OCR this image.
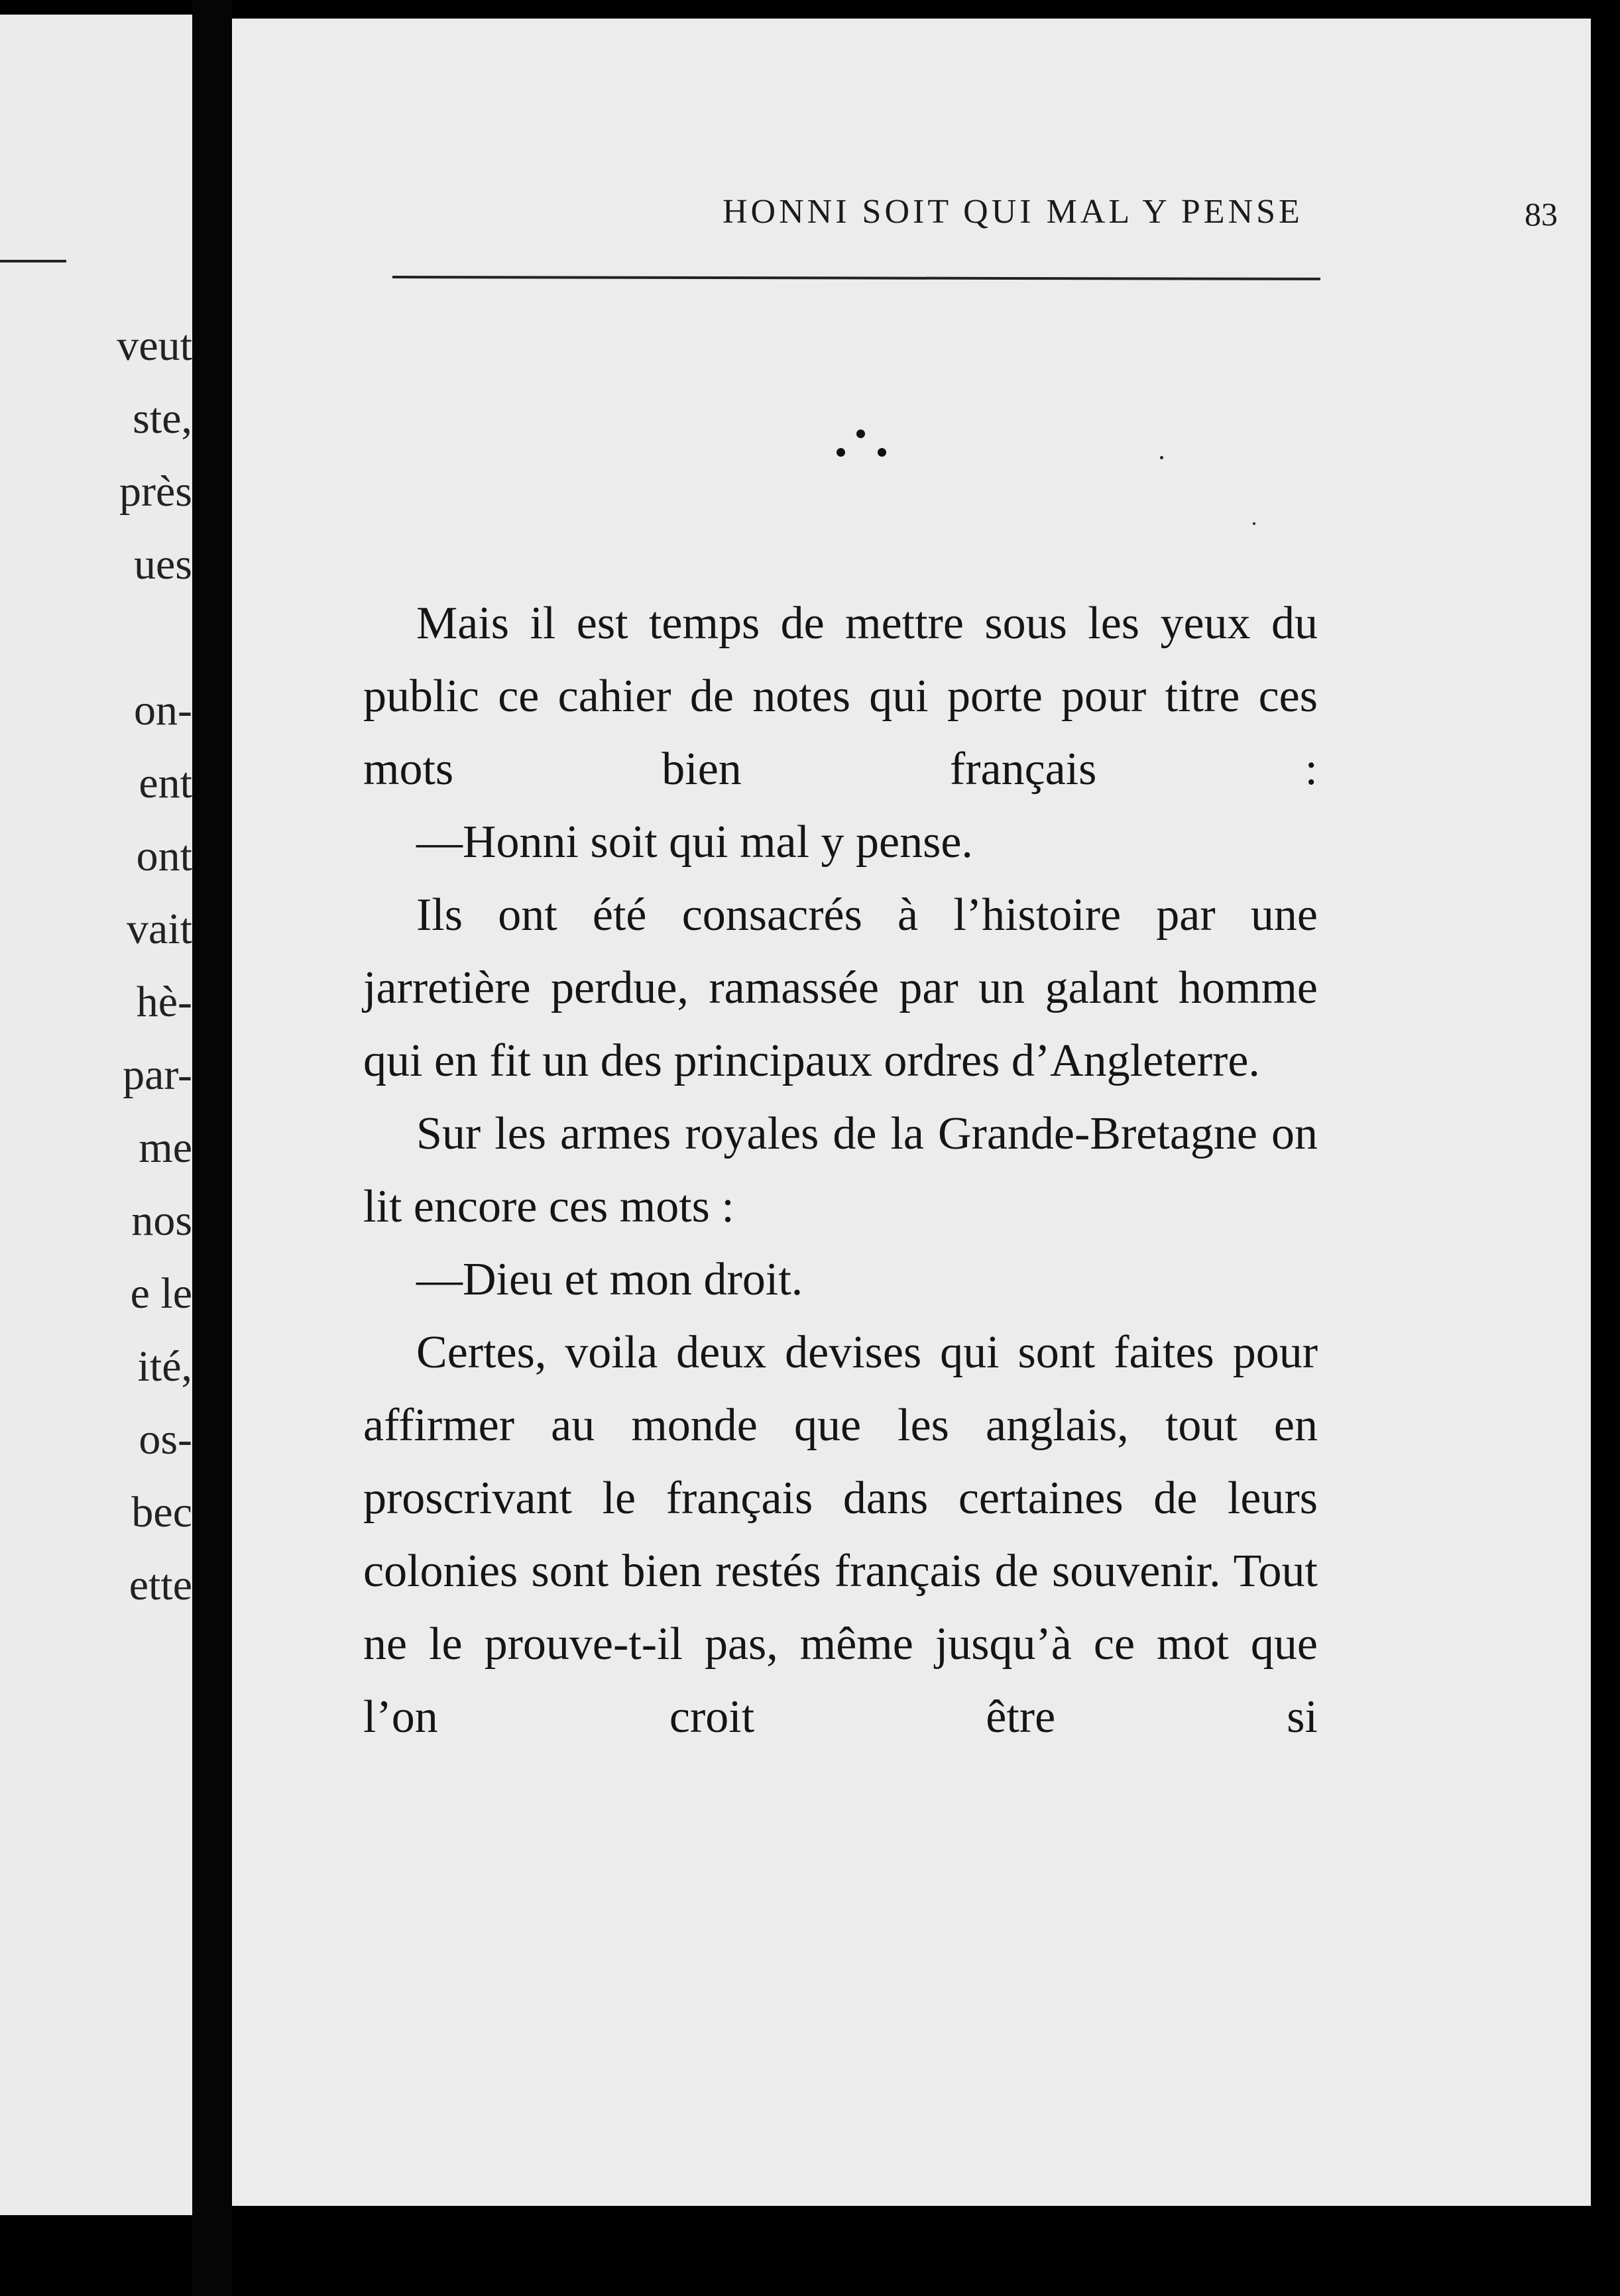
veut
ste,
près
ues

on-
ent
ont
vait
hè-
par-
me
nos
e le
ité,
os-
bec
ette
HONNI SOIT QUI MAL Y PENSE	83

Mais il est temps de mettre sous les yeux du public ce cahier de notes qui porte pour titre ces mots bien français :

—Honni soit qui mal y pense.

Ils ont été consacrés à l’histoire par une jarretière perdue, ramassée par un galant homme qui en fit un des principaux ordres d’Angleterre.

Sur les armes royales de la Grande-Bretagne on lit encore ces mots :

—Dieu et mon droit.

Certes, voila deux devises qui sont faites pour affirmer au monde que les anglais, tout en proscrivant le français dans certaines de leurs colonies sont bien restés français de souvenir. Tout ne le prouve-t-il pas, même jusqu’à ce mot que l’on croit être si
